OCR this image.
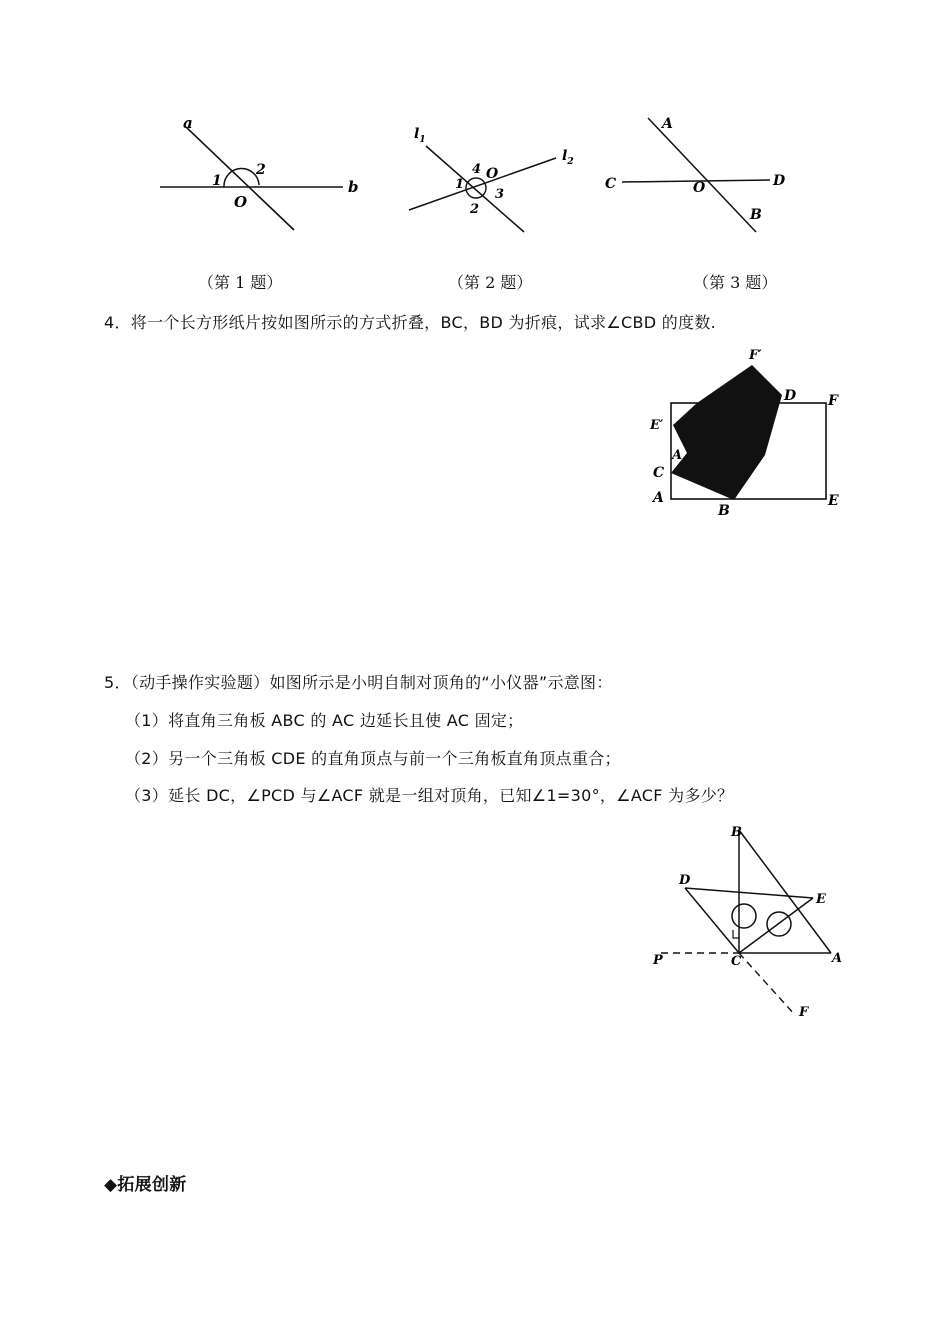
a
b
O
1
2
（第 1 题）
$l_1$
$l_2$
O
4
1
3
2
（第 2 题）
A
B
C	D
O
（第 3 题）
4．将一个长方形纸片按如图所示的方式折叠，BC，BD 为折痕，试求∠CBD 的度数.
F′
D F
E′
A
C
A
B
E
5．（动手操作实验题）如图所示是小明自制对顶角的“小仪器”示意图：
（1）将直角三角板 ABC 的 AC 边延长且使 AC 固定；
（2）另一个三角板 CDE 的直角顶点与前一个三角板直角顶点重合；
（3）延长 DC，∠PCD 与∠ACF 就是一组对顶角，已知∠1=30°，∠ACF 为多少？
B
D
E
P	C	A
F
◆拓展创新
